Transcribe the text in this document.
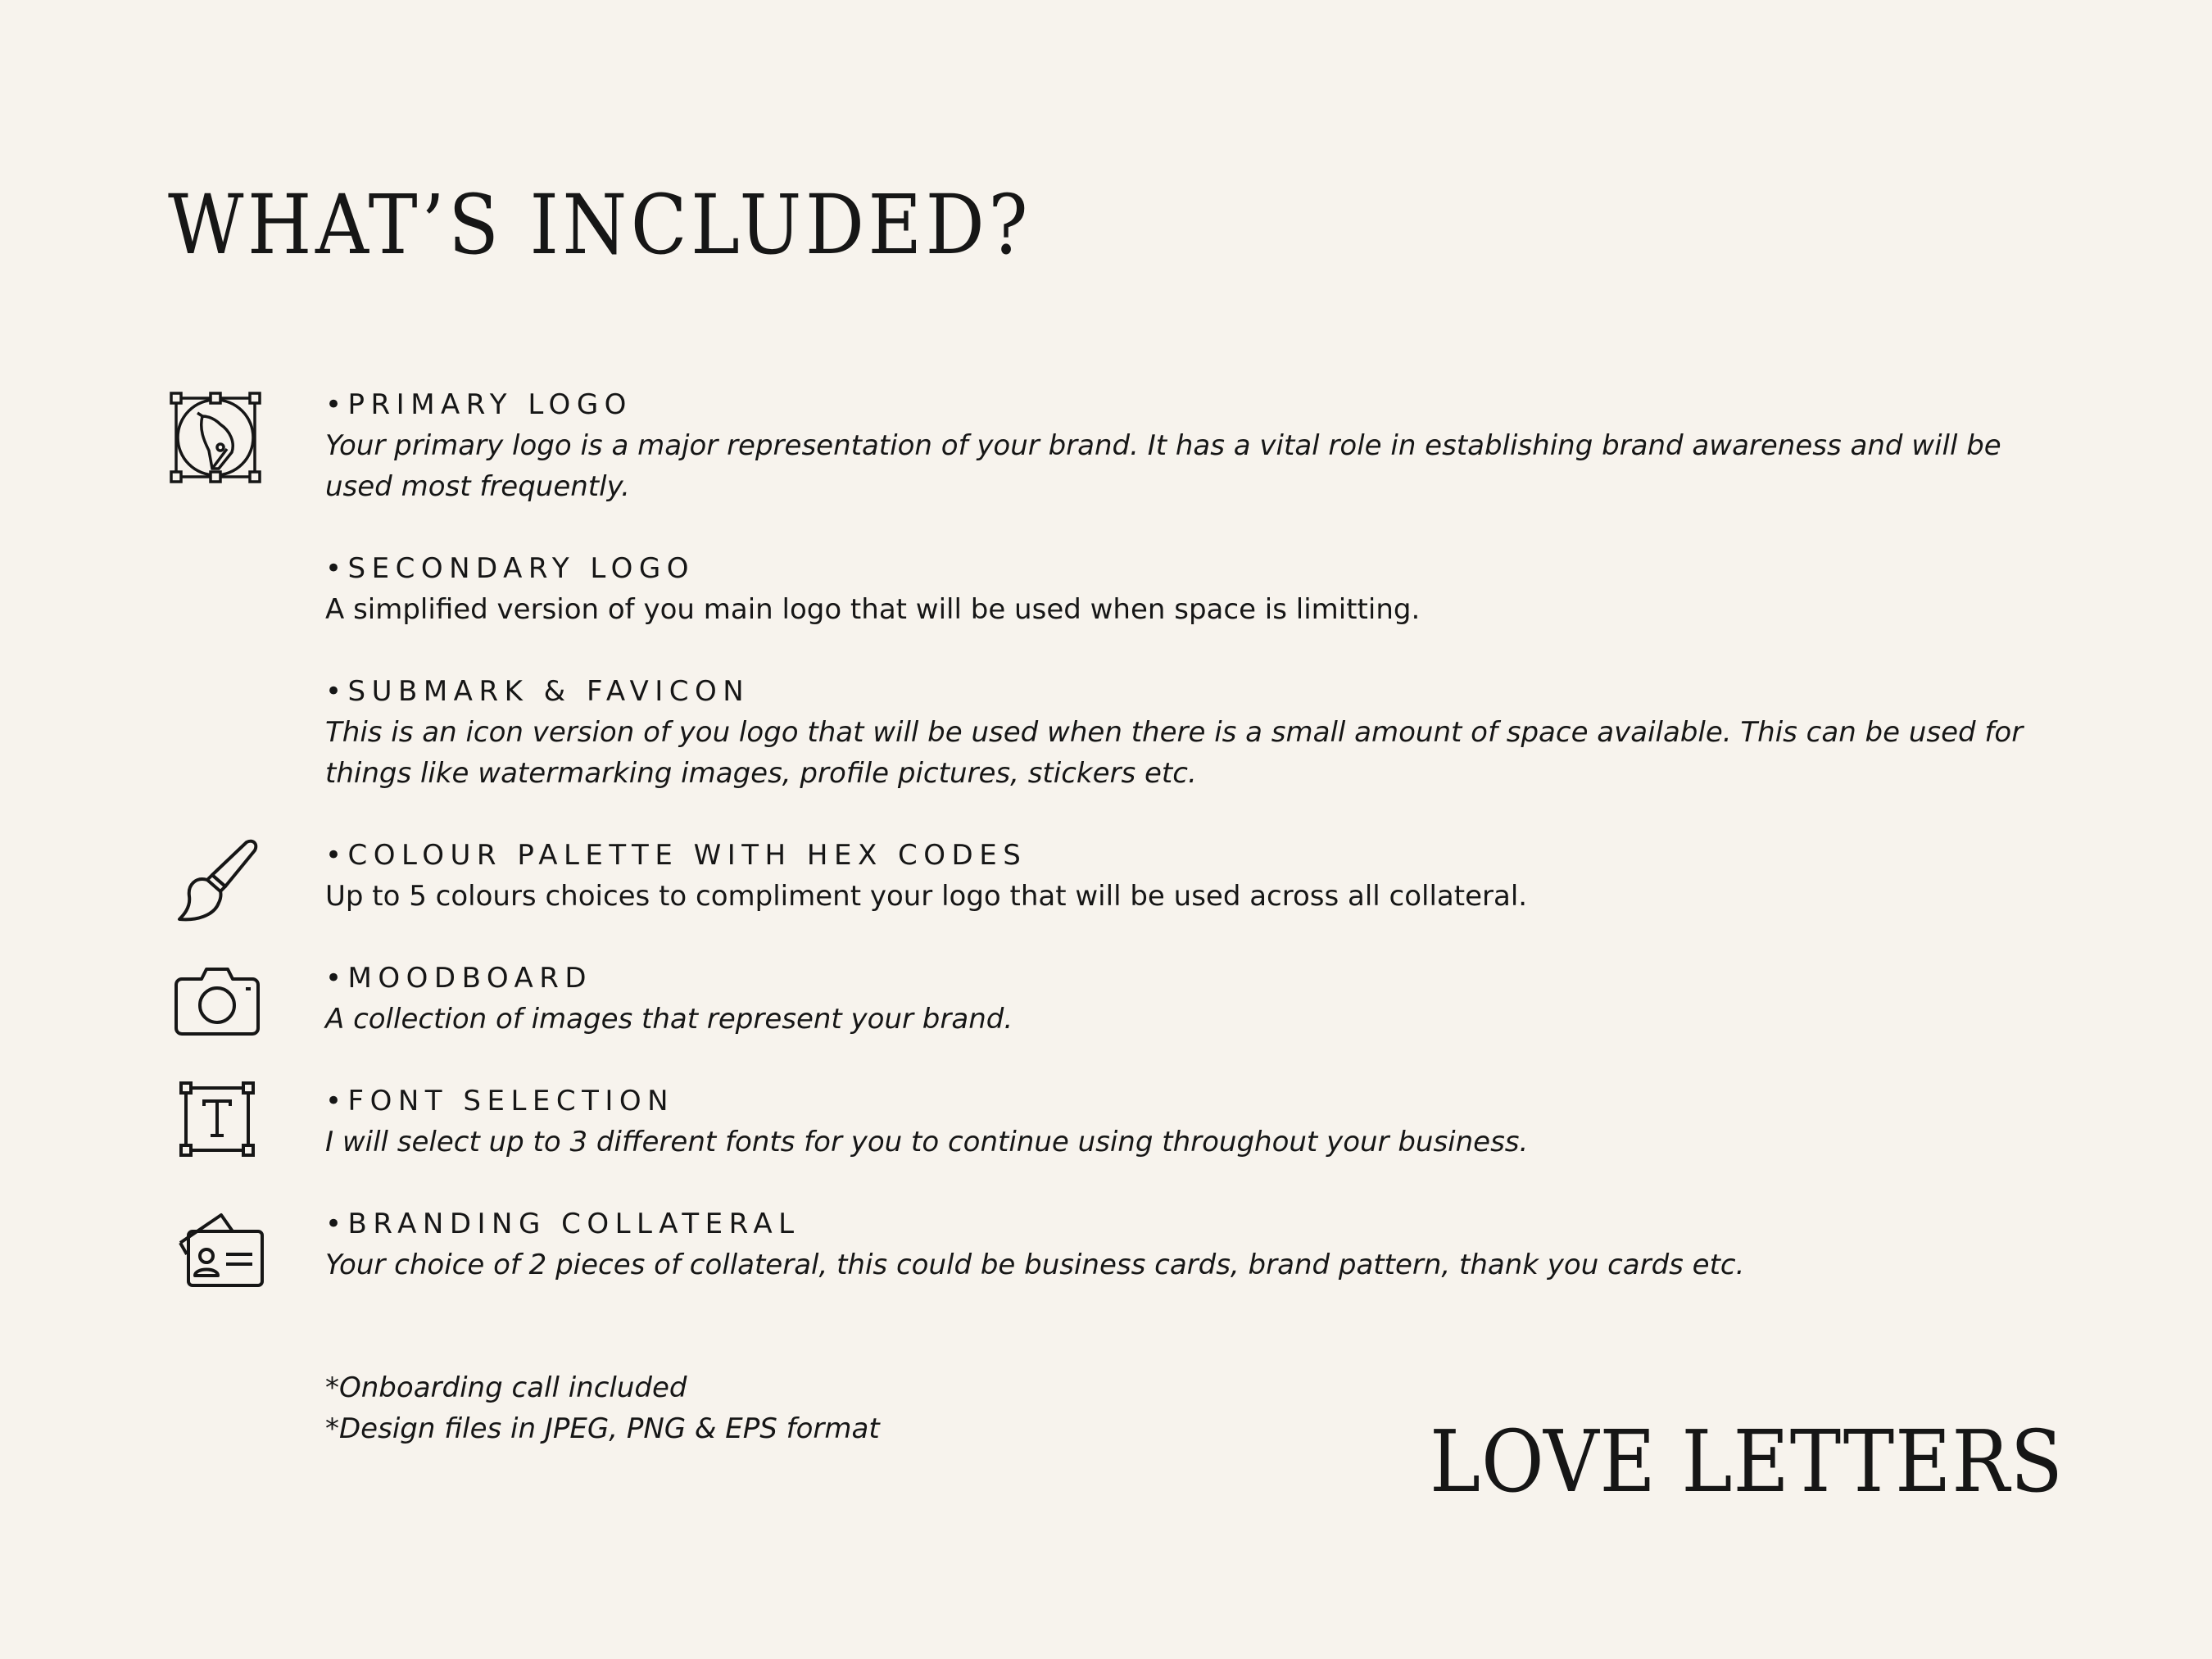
WHAT’S INCLUDED?
•PRIMARY LOGO
Your primary logo is a major representation of your brand. It has a vital role in establishing brand awareness and will be used most frequently.
•SECONDARY LOGO
A simplified version of you main logo that will be used when space is limitting.
•SUBMARK & FAVICON
This is an icon version of you logo that will be used when there is a small amount of space available. This can be used for things like watermarking images, profile pictures, stickers etc.
•COLOUR PALETTE WITH HEX CODES
Up to 5 colours choices to compliment your logo that will be used across all collateral.
•MOODBOARD
A collection of images that represent your brand.
•FONT SELECTION
I will select up to 3 different fonts for you to continue using throughout your business.
•BRANDING COLLATERAL
Your choice of 2 pieces of collateral, this could be business cards, brand pattern, thank you cards etc.
*Onboarding call included
*Design files in JPEG, PNG & EPS format	LOVE LETTERS
